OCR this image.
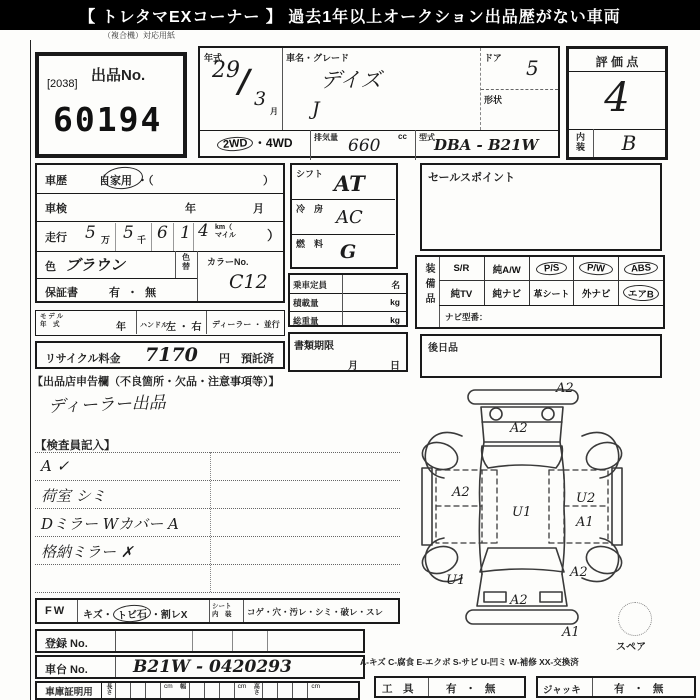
【 トレタマEXコーナー 】 過去1年以上オークション出品歴がない車両
（複合機）対応用紙
[2038] 出品No.
60194
年式
29
/ 3
月
車名・グレード
デイズ
J
ドア 5
形状
2WD ・4WD	排気量 660 cc 型式 DBA - B21W
評 価 点
4
内装	B
車歴	自家用 ・（	）
車検	年	月
走行 5 万 5 千 6 1 4 km（
マイル ）
色 ブラウン	色
替	カラーNo.
C12
保証書	有 ・ 無
シフト AT
冷　房 AC
燃　料 G
乗車定員	名
積載量	kg
総重量	kg
書類期限
月	日
セールスポイント
装備品 S/R 純A/W	P/S	P/W	ABS
純TV 純ナビ 革シート 外ナビ	エアB
ナビ型番：
後日品
モ デ ル
年　式	年 ハンドル
左 ・ 右 ディーラー ・ 並行
リサイクル料金 7170 円 預託済
【出品店申告欄（不良箇所・欠品・注意事項等）】
ディーラー出品
【検査員記入】
A ✓
荷室 シミ
Dミラー Wカバー A
格納ミラー ✗
FW キズ・ トビ石 ・割レX
シート
内　装 コゲ・穴・汚レ・シミ・破レ・スレ
登録 No.
車台 No.	B21W - 0420293
車庫証明用	長さ	cm	幅	cm	高さ	cm
A-キズ C-腐食 E-エクボ S-サビ U-凹ミ W-補修 XX-交換済
工　具	有 ・ 無	ジャッキ	有 ・ 無
A2
A2
A2
U1
U2
A1
U1
A2
A2
A1
スペア
